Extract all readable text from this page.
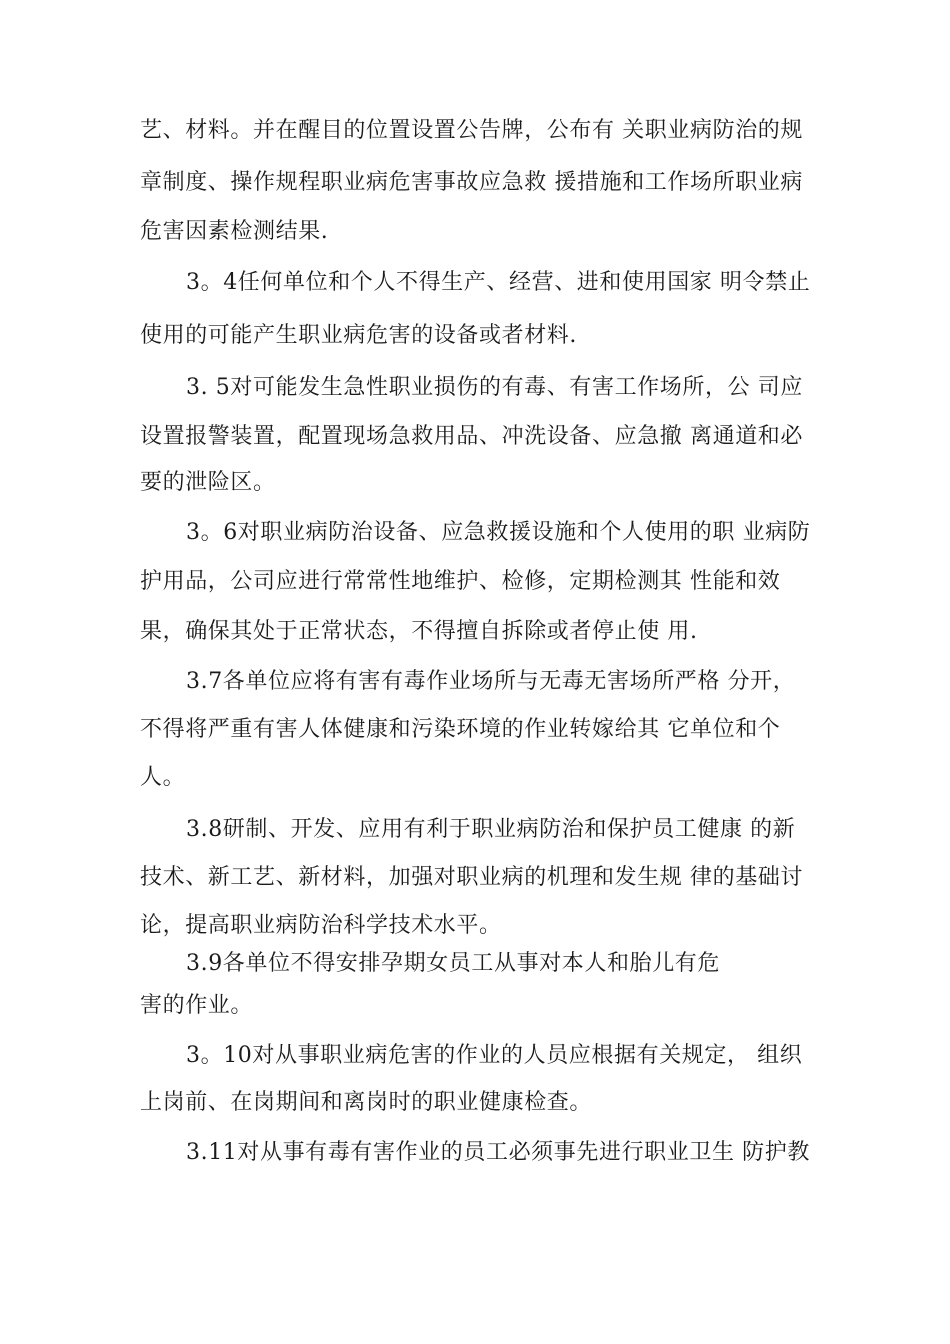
艺、材料。并在醒目的位置设置公告牌，公布有 关职业病防治的规
章制度、操作规程职业病危害事故应急救 援措施和工作场所职业病
危害因素检测结果.
3。4任何单位和个人不得生产、经营、进和使用国家 明令禁止
使用的可能产生职业病危害的设备或者材料.
3. 5对可能发生急性职业损伤的有毒、有害工作场所，公 司应
设置报警装置，配置现场急救用品、冲洗设备、应急撤 离通道和必
要的泄险区。
3。6对职业病防治设备、应急救援设施和个人使用的职 业病防
护用品，公司应进行常常性地维护、检修，定期检测其 性能和效
果，确保其处于正常状态，不得擅自拆除或者停止使 用.
3.7各单位应将有害有毒作业场所与无毒无害场所严格 分开，
不得将严重有害人体健康和污染环境的作业转嫁给其 它单位和个
人。
3.8研制、开发、应用有利于职业病防治和保护员工健康 的新
技术、新工艺、新材料，加强对职业病的机理和发生规 律的基础讨
论，提高职业病防治科学技术水平。
3.9各单位不得安排孕期女员工从事对本人和胎儿有危
害的作业。
3。10对从事职业病危害的作业的人员应根据有关规定， 组织
上岗前、在岗期间和离岗时的职业健康检查。
3.11对从事有毒有害作业的员工必须事先进行职业卫生 防护教
